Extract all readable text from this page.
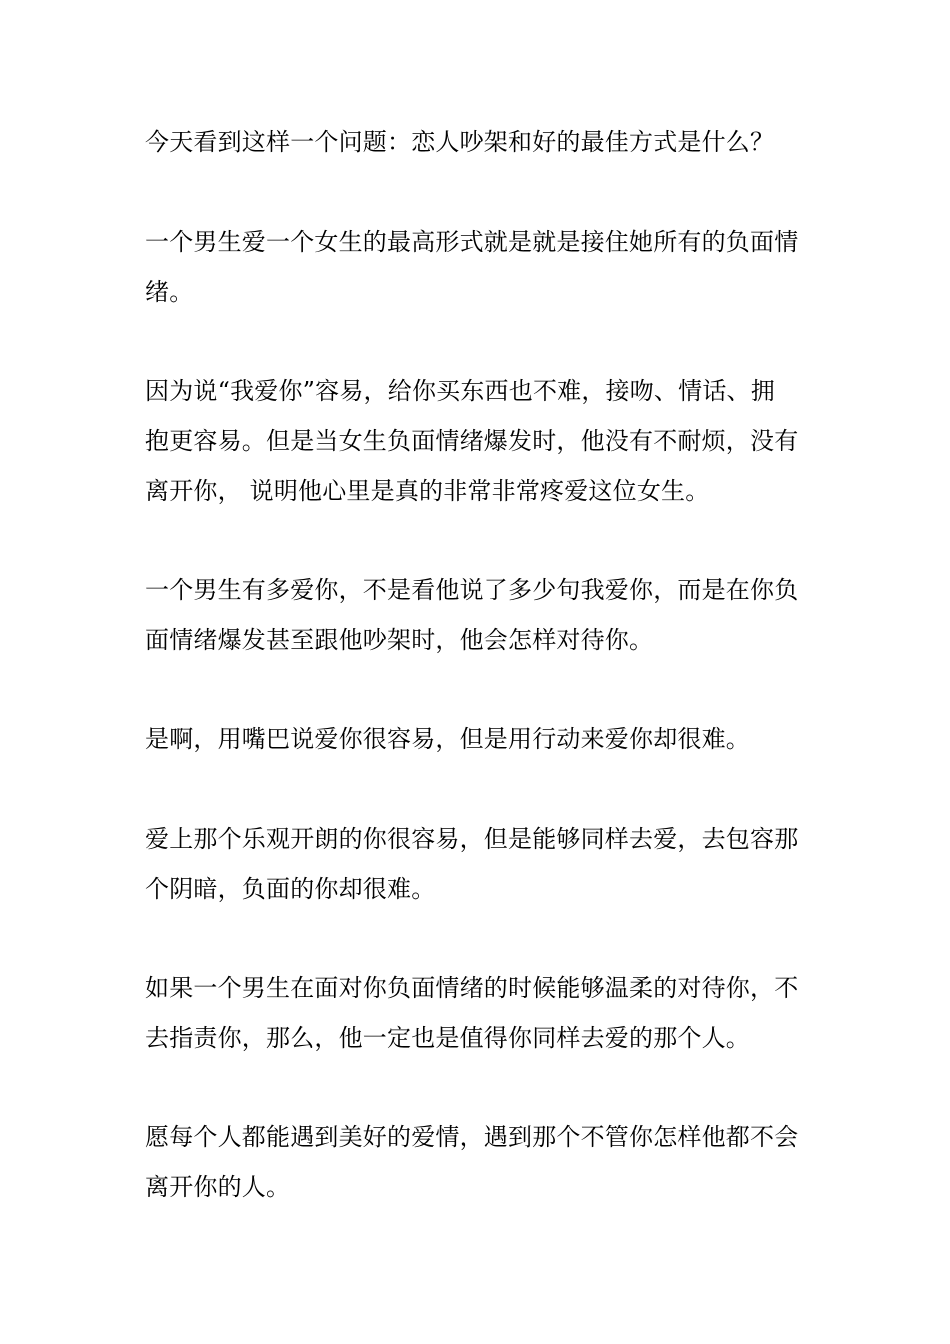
今天看到这样一个问题：恋人吵架和好的最佳方式是什么？

一个男生爱一个女生的最高形式就是就是接住她所有的负面情
绪。

因为说“我爱你”容易，给你买东西也不难，接吻、情话、拥
抱更容易。但是当女生负面情绪爆发时，他没有不耐烦，没有
离开你， 说明他心里是真的非常非常疼爱这位女生。

一个男生有多爱你，不是看他说了多少句我爱你，而是在你负
面情绪爆发甚至跟他吵架时，他会怎样对待你。

是啊，用嘴巴说爱你很容易，但是用行动来爱你却很难。

爱上那个乐观开朗的你很容易，但是能够同样去爱，去包容那
个阴暗，负面的你却很难。

如果一个男生在面对你负面情绪的时候能够温柔的对待你，不
去指责你，那么，他一定也是值得你同样去爱的那个人。

愿每个人都能遇到美好的爱情，遇到那个不管你怎样他都不会
离开你的人。
